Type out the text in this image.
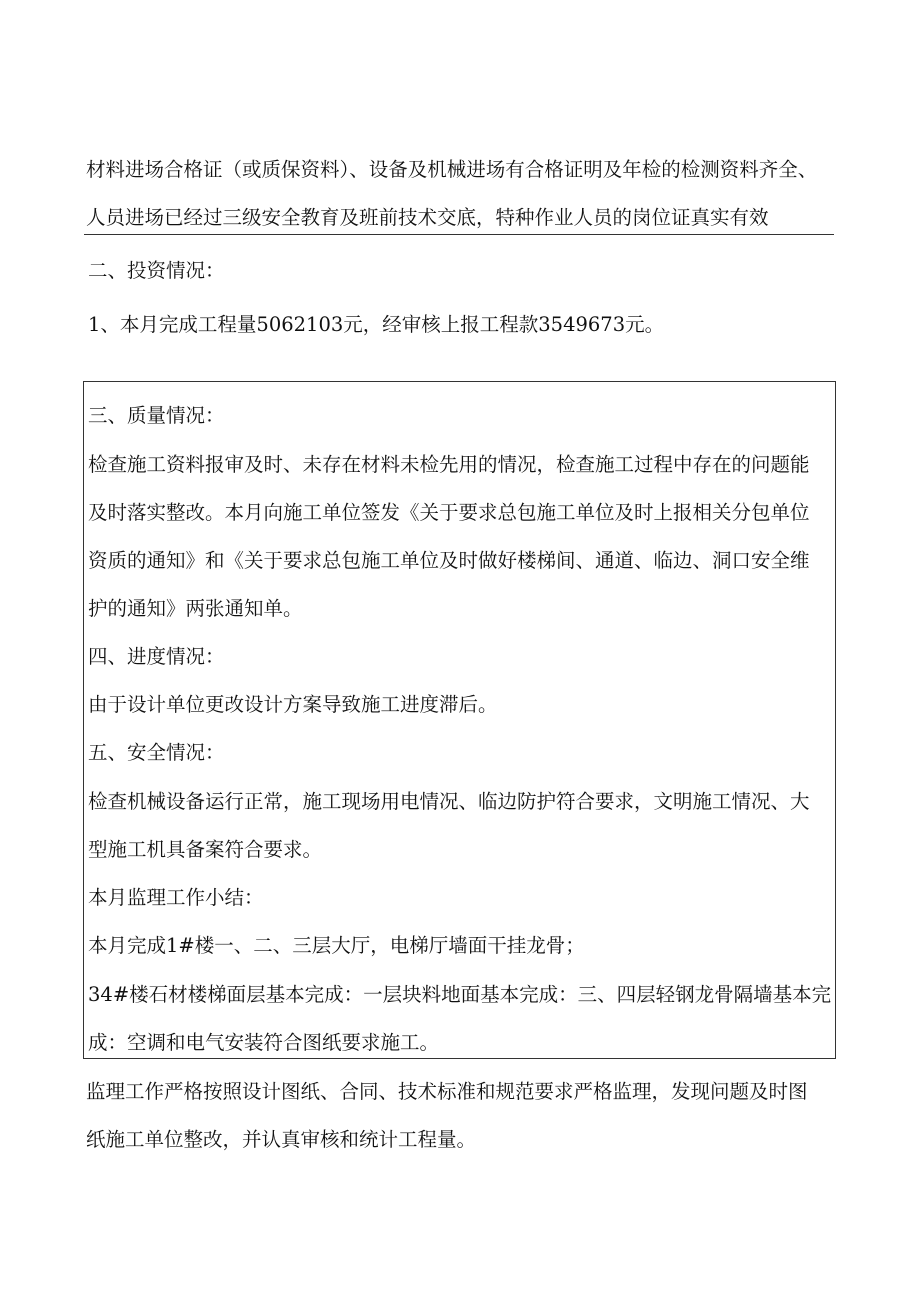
材料进场合格证（或质保资料）、设备及机械进场有合格证明及年检的检测资料齐全、
人员进场已经过三级安全教育及班前技术交底，特种作业人员的岗位证真实有效
二、投资情况：
1、本月完成工程量5062103元，经审核上报工程款3549673元。
三、质量情况：
检查施工资料报审及时、未存在材料未检先用的情况，检查施工过程中存在的问题能
及时落实整改。本月向施工单位签发《关于要求总包施工单位及时上报相关分包单位
资质的通知》和《关于要求总包施工单位及时做好楼梯间、通道、临边、洞口安全维
护的通知》两张通知单。
四、进度情况：
由于设计单位更改设计方案导致施工进度滞后。
五、安全情况：
检查机械设备运行正常，施工现场用电情况、临边防护符合要求，文明施工情况、大
型施工机具备案符合要求。
本月监理工作小结：
本月完成1#楼一、二、三层大厅，电梯厅墙面干挂龙骨；
34#楼石材楼梯面层基本完成：一层块料地面基本完成：三、四层轻钢龙骨隔墙基本完
成：空调和电气安装符合图纸要求施工。
监理工作严格按照设计图纸、合同、技术标准和规范要求严格监理，发现问题及时图
纸施工单位整改，并认真审核和统计工程量。
